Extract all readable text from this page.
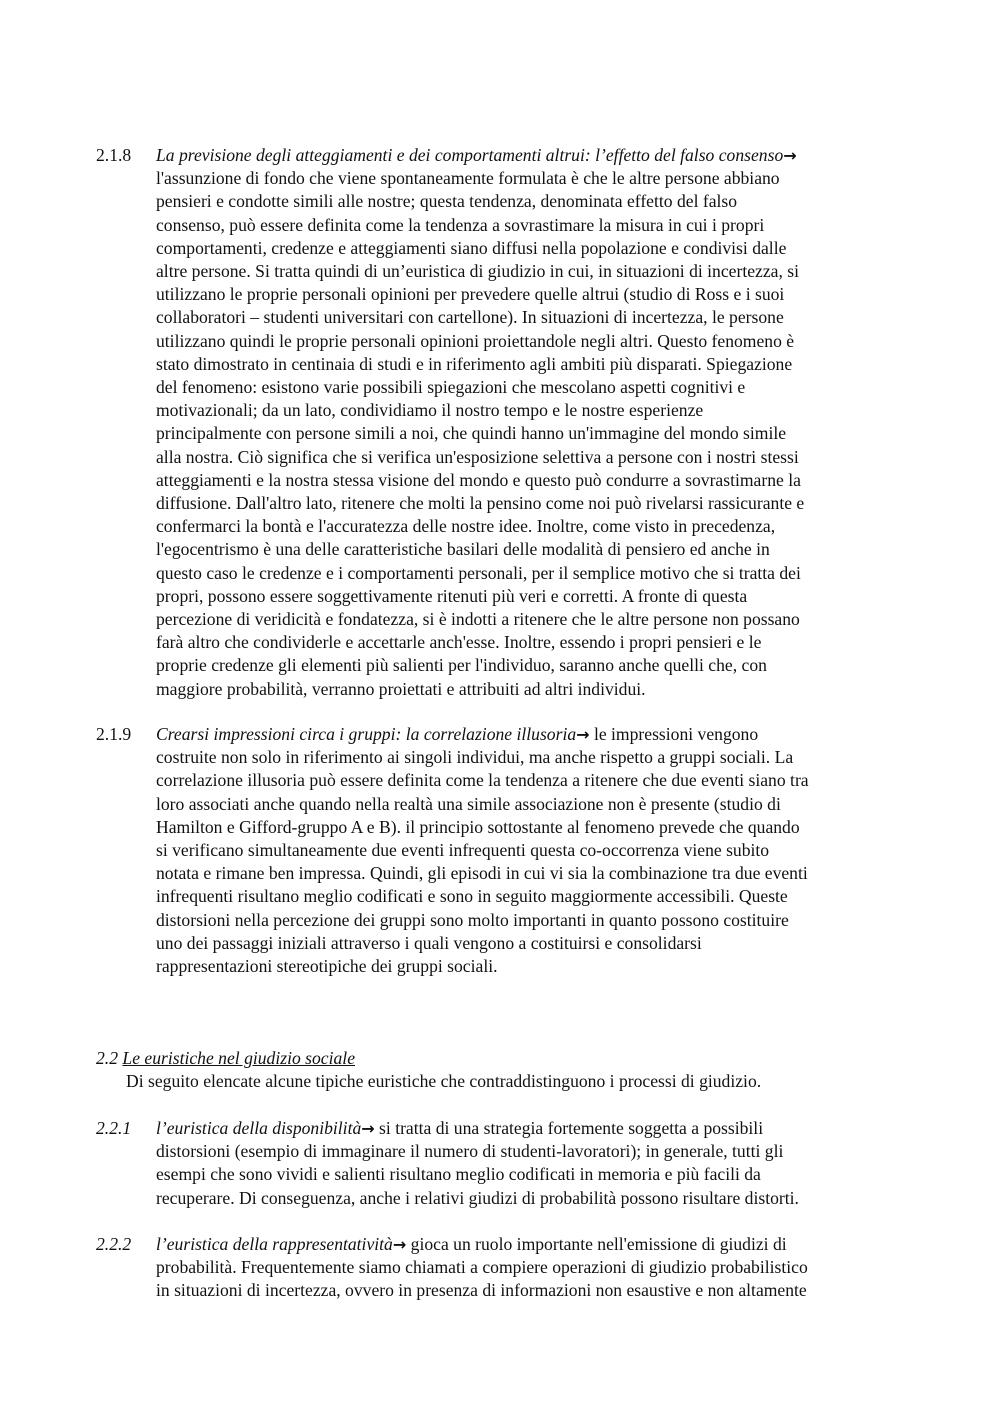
2.1.8	La previsione degli atteggiamenti e dei comportamenti altrui: l’effetto del falso consenso→
l'assunzione di fondo che viene spontaneamente formulata è che le altre persone abbiano
pensieri e condotte simili alle nostre; questa tendenza, denominata effetto del falso
consenso, può essere definita come la tendenza a sovrastimare la misura in cui i propri
comportamenti, credenze e atteggiamenti siano diffusi nella popolazione e condivisi dalle
altre persone. Si tratta quindi di un’euristica di giudizio in cui, in situazioni di incertezza, si
utilizzano le proprie personali opinioni per prevedere quelle altrui (studio di Ross e i suoi
collaboratori – studenti universitari con cartellone). In situazioni di incertezza, le persone
utilizzano quindi le proprie personali opinioni proiettandole negli altri. Questo fenomeno è
stato dimostrato in centinaia di studi e in riferimento agli ambiti più disparati. Spiegazione
del fenomeno: esistono varie possibili spiegazioni che mescolano aspetti cognitivi e
motivazionali; da un lato, condividiamo il nostro tempo e le nostre esperienze
principalmente con persone simili a noi, che quindi hanno un'immagine del mondo simile
alla nostra. Ciò significa che si verifica un'esposizione selettiva a persone con i nostri stessi
atteggiamenti e la nostra stessa visione del mondo e questo può condurre a sovrastimarne la
diffusione. Dall'altro lato, ritenere che molti la pensino come noi può rivelarsi rassicurante e
confermarci la bontà e l'accuratezza delle nostre idee. Inoltre, come visto in precedenza,
l'egocentrismo è una delle caratteristiche basilari delle modalità di pensiero ed anche in
questo caso le credenze e i comportamenti personali, per il semplice motivo che si tratta dei
propri, possono essere soggettivamente ritenuti più veri e corretti. A fronte di questa
percezione di veridicità e fondatezza, si è indotti a ritenere che le altre persone non possano
farà altro che condividerle e accettarle anch'esse. Inoltre, essendo i propri pensieri e le
proprie credenze gli elementi più salienti per l'individuo, saranno anche quelli che, con
maggiore probabilità, verranno proiettati e attribuiti ad altri individui.
2.1.9	Crearsi impressioni circa i gruppi: la correlazione illusoria→ le impressioni vengono
costruite non solo in riferimento ai singoli individui, ma anche rispetto a gruppi sociali. La
correlazione illusoria può essere definita come la tendenza a ritenere che due eventi siano tra
loro associati anche quando nella realtà una simile associazione non è presente (studio di
Hamilton e Gifford-gruppo A e B). il principio sottostante al fenomeno prevede che quando
si verificano simultaneamente due eventi infrequenti questa co-occorrenza viene subito
notata e rimane ben impressa. Quindi, gli episodi in cui vi sia la combinazione tra due eventi
infrequenti risultano meglio codificati e sono in seguito maggiormente accessibili. Queste
distorsioni nella percezione dei gruppi sono molto importanti in quanto possono costituire
uno dei passaggi iniziali attraverso i quali vengono a costituirsi e consolidarsi
rappresentazioni stereotipiche dei gruppi sociali.
2.2 Le euristiche nel giudizio sociale
Di seguito elencate alcune tipiche euristiche che contraddistinguono i processi di giudizio.
2.2.1	l’euristica della disponibilità→ si tratta di una strategia fortemente soggetta a possibili
distorsioni (esempio di immaginare il numero di studenti-lavoratori); in generale, tutti gli
esempi che sono vividi e salienti risultano meglio codificati in memoria e più facili da
recuperare. Di conseguenza, anche i relativi giudizi di probabilità possono risultare distorti.
2.2.2	l’euristica della rappresentatività→ gioca un ruolo importante nell'emissione di giudizi di
probabilità. Frequentemente siamo chiamati a compiere operazioni di giudizio probabilistico
in situazioni di incertezza, ovvero in presenza di informazioni non esaustive e non altamente
